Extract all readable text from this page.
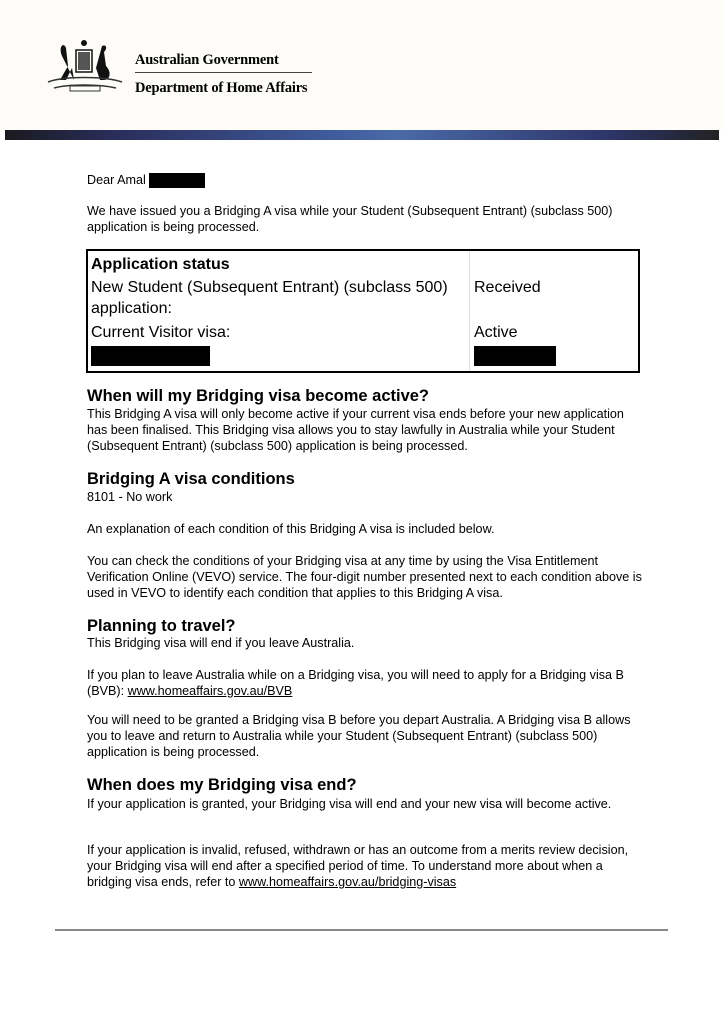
Australian Government
Department of Home Affairs
Dear Amal
We have issued you a Bridging A visa while your Student (Subsequent Entrant) (subclass 500) application is being processed.
Application status
New Student (Subsequent Entrant) (subclass 500) application:
Received
Current Visitor visa:	Active
When will my Bridging visa become active?
This Bridging A visa will only become active if your current visa ends before your new application has been finalised. This Bridging visa allows you to stay lawfully in Australia while your Student (Subsequent Entrant) (subclass 500) application is being processed.
Bridging A visa conditions
8101 - No work
An explanation of each condition of this Bridging A visa is included below.
You can check the conditions of your Bridging visa at any time by using the Visa Entitlement Verification Online (VEVO) service. The four-digit number presented next to each condition above is used in VEVO to identify each condition that applies to this Bridging A visa.
Planning to travel?
This Bridging visa will end if you leave Australia.
If you plan to leave Australia while on a Bridging visa, you will need to apply for a Bridging visa B (BVB): www.homeaffairs.gov.au/BVB
You will need to be granted a Bridging visa B before you depart Australia. A Bridging visa B allows you to leave and return to Australia while your Student (Subsequent Entrant) (subclass 500) application is being processed.
When does my Bridging visa end?
If your application is granted, your Bridging visa will end and your new visa will become active.
If your application is invalid, refused, withdrawn or has an outcome from a merits review decision, your Bridging visa will end after a specified period of time. To understand more about when a bridging visa ends, refer to www.homeaffairs.gov.au/bridging-visas
